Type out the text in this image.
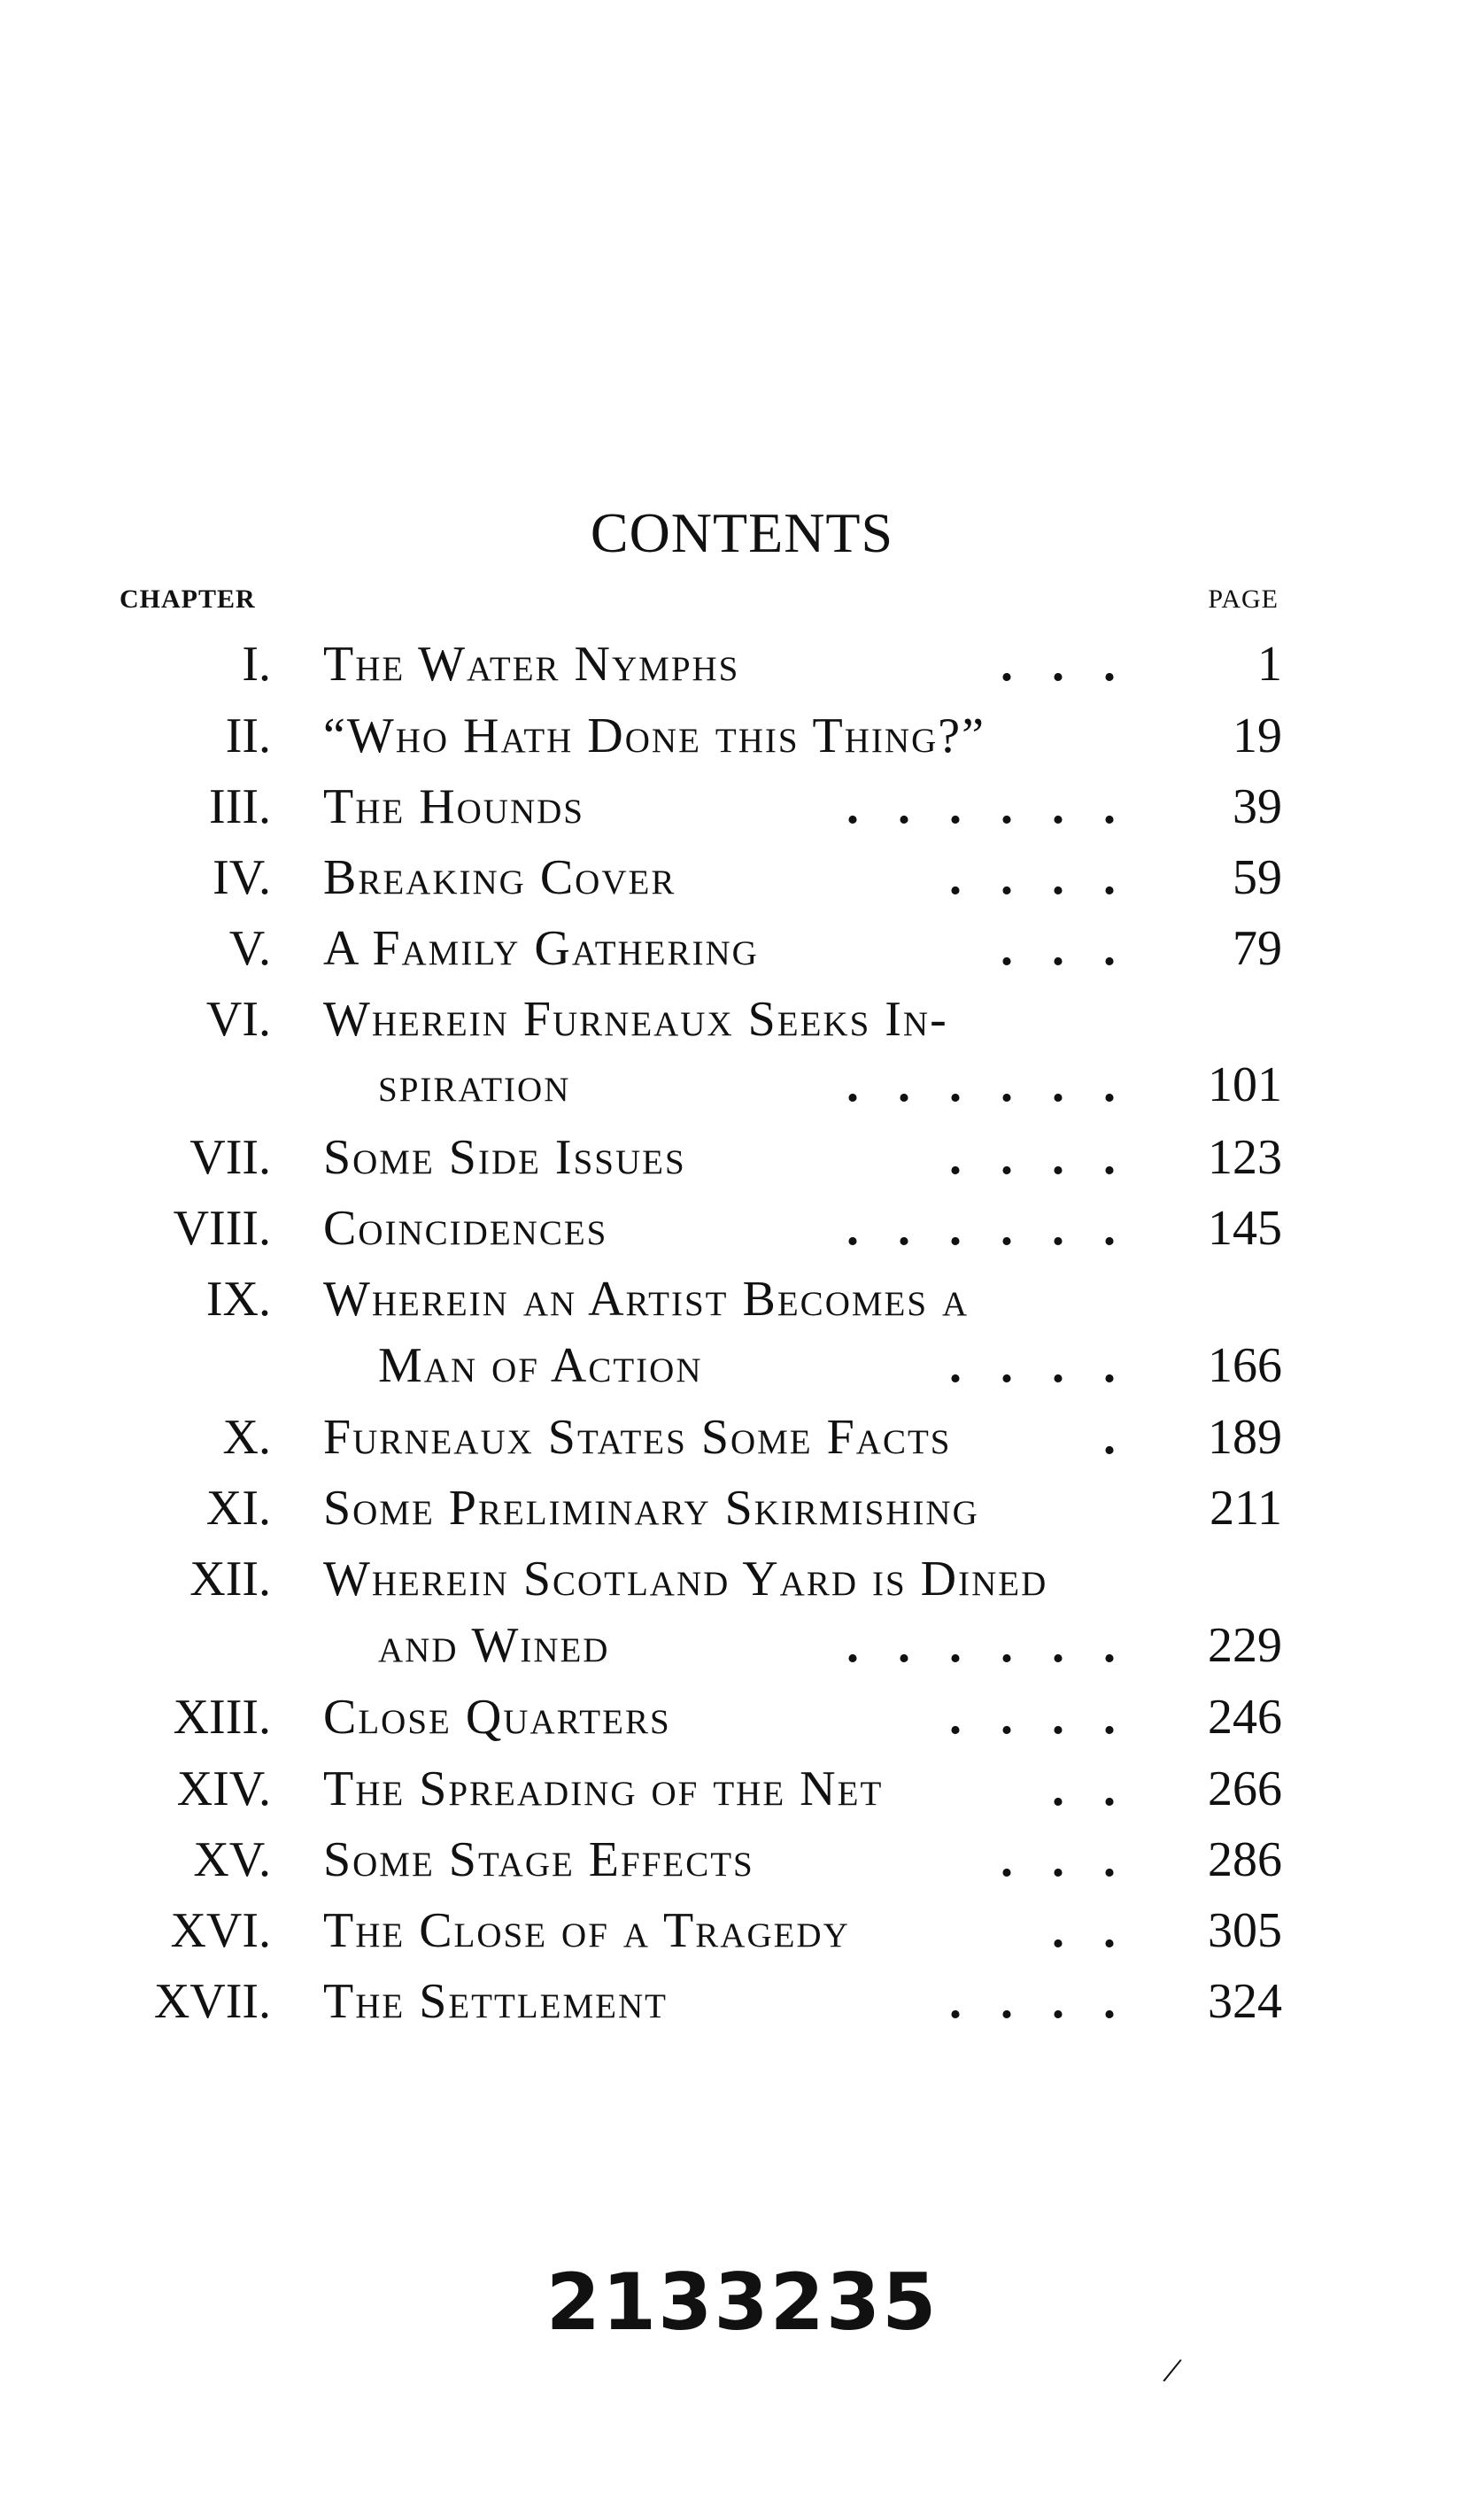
CONTENTS
CHAPTER	PAGE
I. The Water Nymphs	... 1
II. “Who Hath Done this Thing?”	19
III. The Hounds	...... 39
IV. Breaking Cover	.... 59
V. A Family Gathering	... 79
VI. Wherein Furneaux Seeks In-
spiration	...... 101
VII. Some Side Issues	.... 123
VIII. Coincidences	...... 145
IX. Wherein an Artist Becomes a
Man of Action	.... 166
X. Furneaux States Some Facts	. 189
XI. Some Preliminary Skirmishing	211
XII. Wherein Scotland Yard is Dined
and Wined	...... 229
XIII. Close Quarters	.... 246
XIV. The Spreading of the Net	.. 266
XV. Some Stage Effects	... 286
XVI. The Close of a Tragedy	.. 305
XVII. The Settlement	.... 324
2133235
/
